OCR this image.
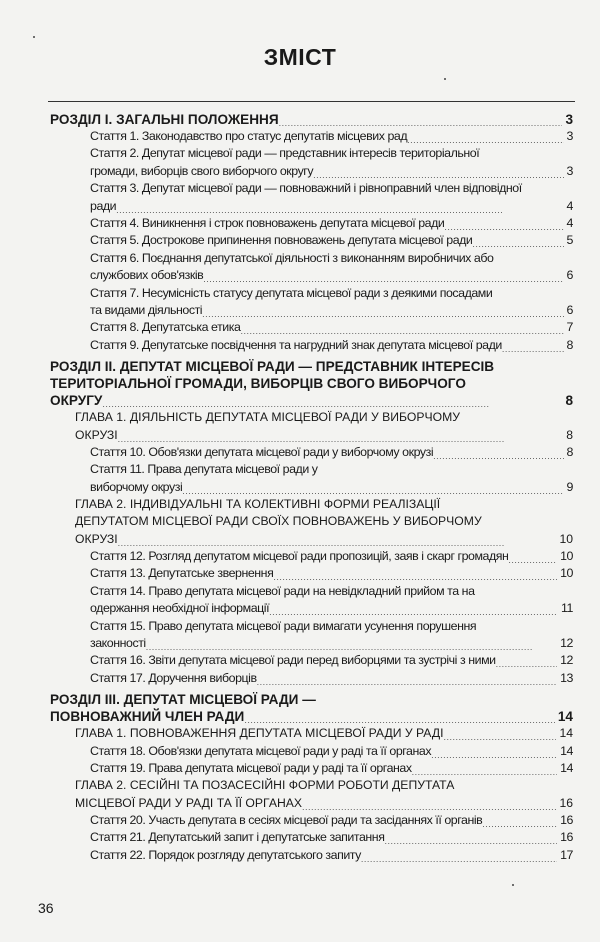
ЗМІСТ
РОЗДІЛ І. ЗАГАЛЬНІ ПОЛОЖЕННЯ . . .	3
Стаття 1. Законодавство про статус депутатів місцевих рад . . .	3
Стаття 2. Депутат місцевої ради — представник інтересів територіальної
громади, виборців свого виборчого округу . . .	3
Стаття 3. Депутат місцевої ради — повноважний і рівноправний член відповідної
ради . . .	4
Стаття 4. Виникнення і строк повноважень депутата місцевої ради . . .	4
Стаття 5. Дострокове припинення повноважень депутата місцевої ради . . .	5
Стаття 6. Поєднання депутатської діяльності з виконанням виробничих або
службових обов'язків . . .	6
Стаття 7. Несумісність статусу депутата місцевої ради з деякими посадами
та видами діяльності . . .	6
Стаття 8. Депутатська етика . . .	7
Стаття 9. Депутатське посвідчення та нагрудний знак депутата місцевої ради . . .	8
РОЗДІЛ ІІ. ДЕПУТАТ МІСЦЕВОЇ РАДИ — ПРЕДСТАВНИК ІНТЕРЕСІВ
ТЕРИТОРІАЛЬНОЇ ГРОМАДИ, ВИБОРЦІВ СВОГО ВИБОРЧОГО
ОКРУГУ . . .	8
ГЛАВА 1. ДІЯЛЬНІСТЬ ДЕПУТАТА МІСЦЕВОЇ РАДИ У ВИБОРЧОМУ
ОКРУЗІ . . .	8
Стаття 10. Обов'язки депутата місцевої ради у виборчому окрузі . . .	8
Стаття 11. Права депутата місцевої ради у
виборчому окрузі . . .	9
ГЛАВА 2. ІНДИВІДУАЛЬНІ ТА КОЛЕКТИВНІ ФОРМИ РЕАЛІЗАЦІЇ
ДЕПУТАТОМ МІСЦЕВОЇ РАДИ СВОЇХ ПОВНОВАЖЕНЬ У ВИБОРЧОМУ
ОКРУЗІ . . .	10
Стаття 12. Розгляд депутатом місцевої ради пропозицій, заяв і скарг громадян . . .	10
Стаття 13. Депутатське звернення . . .	10
Стаття 14. Право депутата місцевої ради на невідкладний прийом та на
одержання необхідної інформації . . .	11
Стаття 15. Право депутата місцевої ради вимагати усунення порушення
законності . . .	12
Стаття 16. Звіти депутата місцевої ради перед виборцями та зустрічі з ними . . .	12
Стаття 17. Доручення виборців . . .	13
РОЗДІЛ ІІІ. ДЕПУТАТ МІСЦЕВОЇ РАДИ —
ПОВНОВАЖНИЙ ЧЛЕН РАДИ . . .	14
ГЛАВА 1. ПОВНОВАЖЕННЯ ДЕПУТАТА МІСЦЕВОЇ РАДИ У РАДІ . . .	14
Стаття 18. Обов'язки депутата місцевої ради у раді та її органах . . .	14
Стаття 19. Права депутата місцевої ради у раді та її органах . . .	14
ГЛАВА 2. СЕСІЙНІ ТА ПОЗАСЕСІЙНІ ФОРМИ РОБОТИ ДЕПУТАТА
МІСЦЕВОЇ РАДИ У РАДІ ТА ЇЇ ОРГАНАХ . . .	16
Стаття 20. Участь депутата в сесіях місцевої ради та засіданнях її органів . . .	16
Стаття 21. Депутатський запит і депутатське запитання . . .	16
Стаття 22. Порядок розгляду депутатського запиту . . .	17
36
